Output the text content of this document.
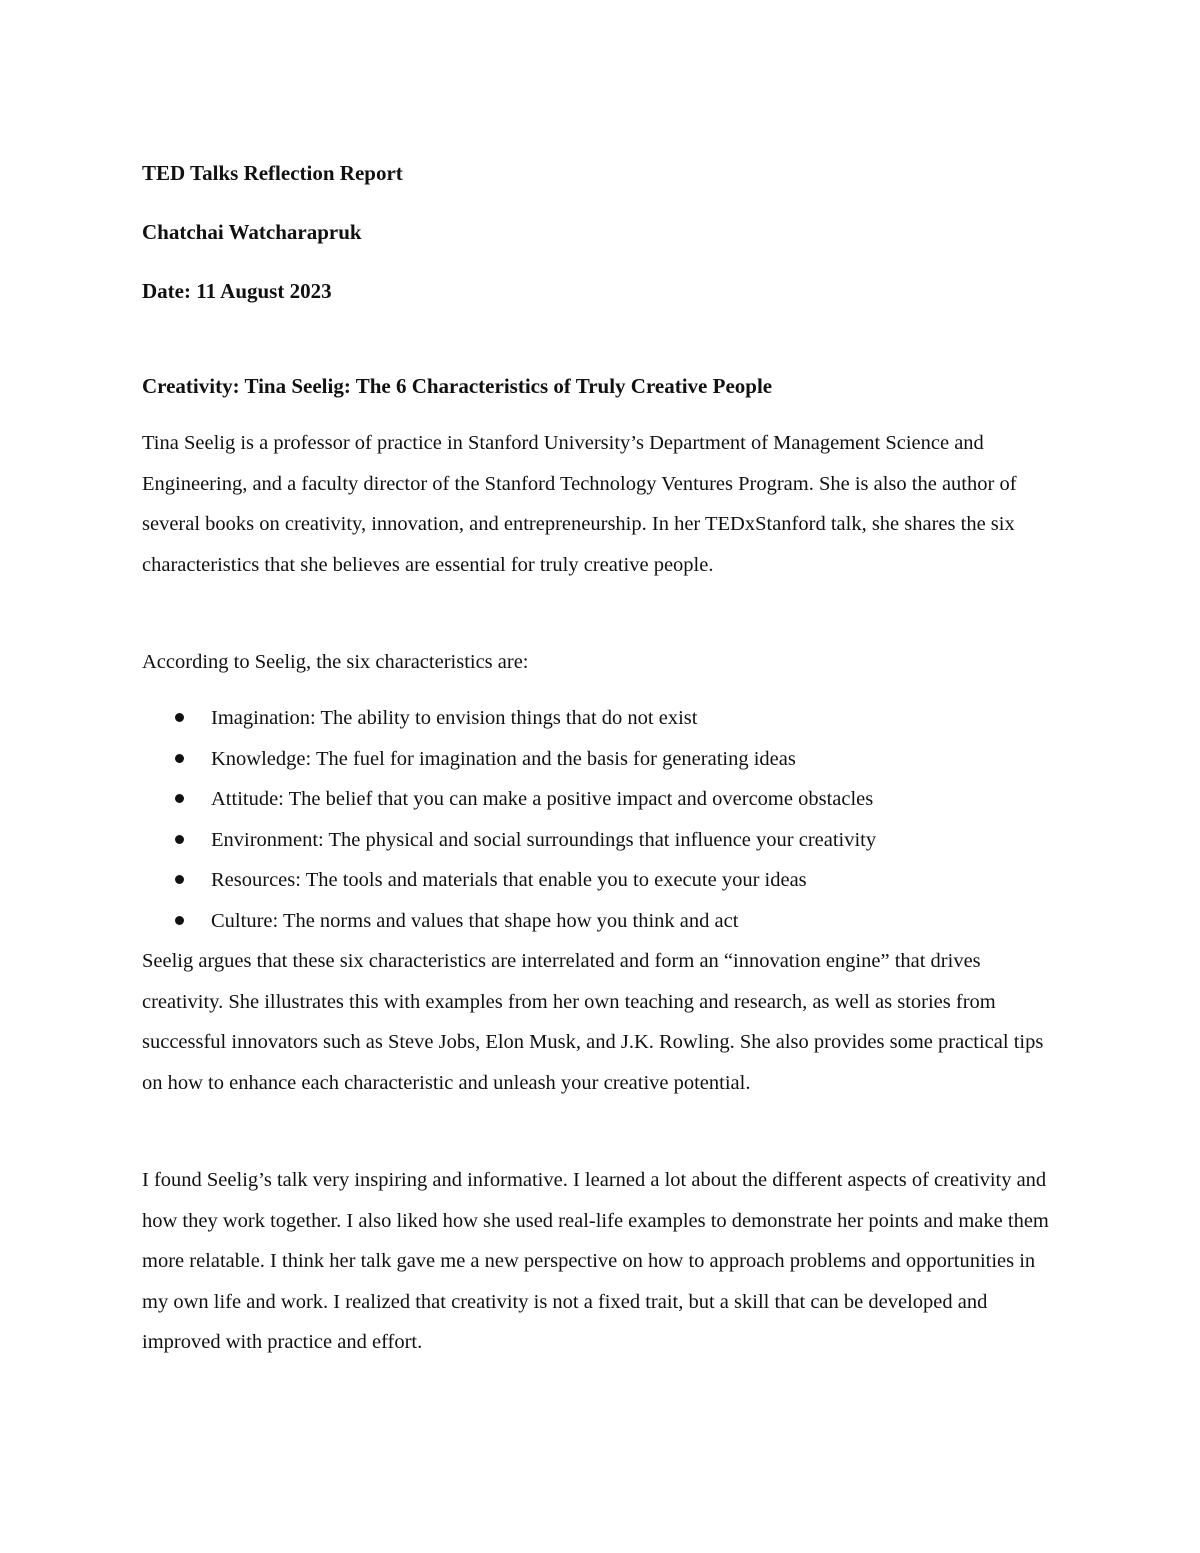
TED Talks Reflection Report
Chatchai Watcharapruk
Date: 11 August 2023
Creativity: Tina Seelig: The 6 Characteristics of Truly Creative People

Tina Seelig is a professor of practice in Stanford University’s Department of Management Science and Engineering, and a faculty director of the Stanford Technology Ventures Program. She is also the author of several books on creativity, innovation, and entrepreneurship. In her TEDxStanford talk, she shares the six characteristics that she believes are essential for truly creative people.

According to Seelig, the six characteristics are:

Imagination: The ability to envision things that do not exist
Knowledge: The fuel for imagination and the basis for generating ideas
Attitude: The belief that you can make a positive impact and overcome obstacles
Environment: The physical and social surroundings that influence your creativity
Resources: The tools and materials that enable you to execute your ideas
Culture: The norms and values that shape how you think and act

Seelig argues that these six characteristics are interrelated and form an “innovation engine” that drives creativity. She illustrates this with examples from her own teaching and research, as well as stories from successful innovators such as Steve Jobs, Elon Musk, and J.K. Rowling. She also provides some practical tips on how to enhance each characteristic and unleash your creative potential.

I found Seelig’s talk very inspiring and informative. I learned a lot about the different aspects of creativity and how they work together. I also liked how she used real-life examples to demonstrate her points and make them more relatable. I think her talk gave me a new perspective on how to approach problems and opportunities in my own life and work. I realized that creativity is not a fixed trait, but a skill that can be developed and improved with practice and effort.
